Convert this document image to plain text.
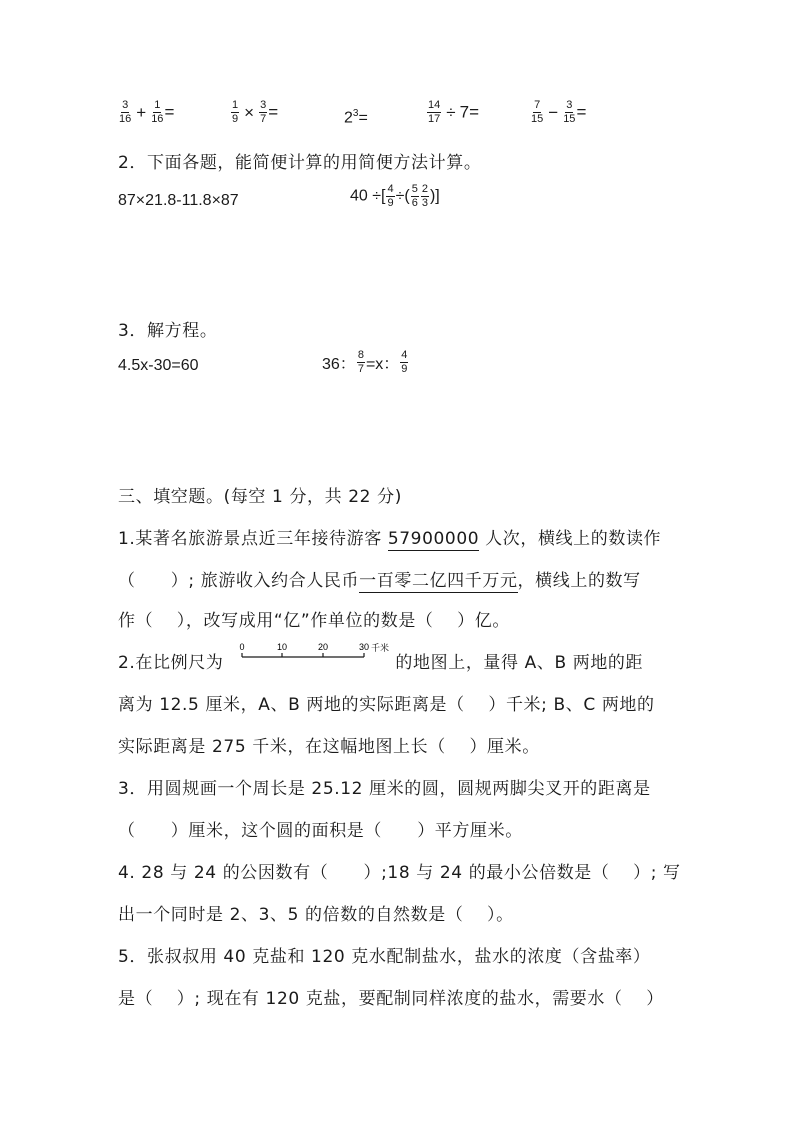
$\frac{3}{16} + \frac{1}{16}$ =	$\frac{1}{9} \times \frac{3}{7}$ =	$2^3=$	$\frac{14}{17} \div 7=$	$\frac{7}{15} - \frac{3}{15}$ =
2．下面各题，能简便计算的用简便方法计算。
87×21.8-11.8×87	40 ÷[ $\frac{4}{9}$ ÷( $\frac{5}{6} \frac{2}{3}$ )]
3．解方程。
4.5x-30=60	36： $\frac{8}{7} =x$： $\frac{4}{9}$
三、填空题。(每空 1 分，共 22 分)
1.某著名旅游景点近三年接待游客 57900000 人次，横线上的数读作
（　　）; 旅游收入约合人民币一百零二亿四千万元，横线上的数写
作（　 ），改写成用“亿”作单位的数是（　 ）亿。
2.在比例尺为	的地图上，量得 A、B 两地的距
0	10	20	30 千米
离为 12.5 厘米，A、B 两地的实际距离是（　 ）千米; B、C 两地的
实际距离是 275 千米，在这幅地图上长（　 ）厘米。
3．用圆规画一个周长是 25.12 厘米的圆，圆规两脚尖叉开的距离是
（　　）厘米，这个圆的面积是（　　）平方厘米。
4. 28 与 24 的公因数有（　　）;18 与 24 的最小公倍数是（　 ）; 写
出一个同时是 2、3、5 的倍数的自然数是（　 ）。
5．张叔叔用 40 克盐和 120 克水配制盐水，盐水的浓度（含盐率）
是（　 ）; 现在有 120 克盐，要配制同样浓度的盐水，需要水（　 ）
